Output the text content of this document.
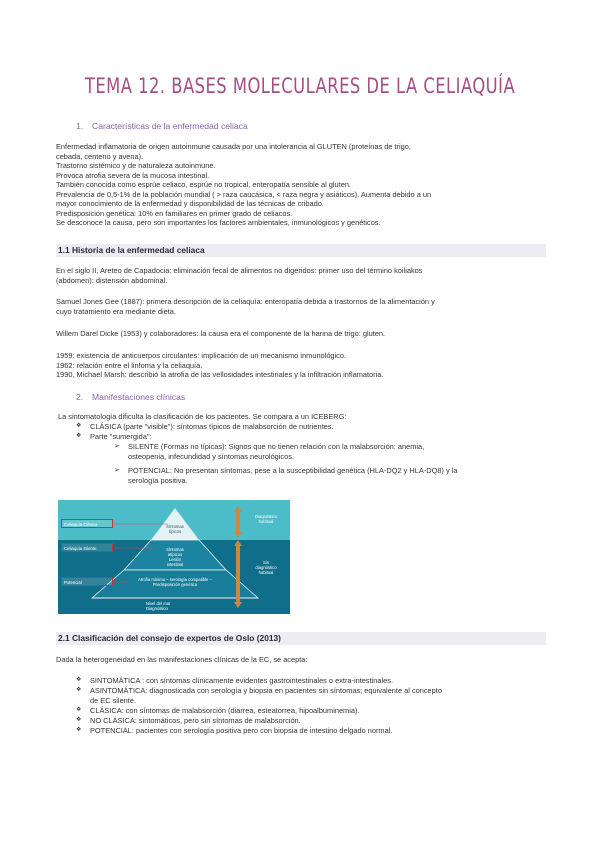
TEMA 12. BASES MOLECULARES DE LA CELIAQUÍA
1. Características de la enfermedad celiaca
Enfermedad inflamatoria de origen autoinmune causada por una intolerancia al GLUTEN (proteínas de trigo,
cebada, centeno y avena).
Trastorno sistémico y de naturaleza autoinmune.
Provoca atrofia severa de la mucosa intestinal.
También conocida como esprúe celiaco, esprúe no tropical, enteropatía sensible al gluten.
Prevalencia de 0,5-1% de la población mundial ( > raza caucásica, < raza negra y asiáticos). Aumenta debido a un
mayor conocimiento de la enfermedad y disponibilidad de las técnicas de cribado.
Predisposición genética: 10% en familiares en primer grado de celiacos.
Se desconoce la causa, pero son importantes los factores ambientales, inmunológicos y genéticos.
1.1 Historia de la enfermedad celiaca
En el siglo II, Areteo de Capadocia: eliminación fecal de alimentos no digeridos: primer uso del término koiliakos
(abdomen): distensión abdominal.
Samuel Jones Gee (1887): primera descripción de la celiaquía: enteropatía debida a trastornos de la alimentación y
cuyo tratamiento era mediante dieta.
Willem Darel Dicke (1953) y colaboradores: la causa era el componente de la harina de trigo: gluten.
1959: existencia de anticuerpos circulantes: implicación de un mecanismo inmunológico.
1962: relación entre el linfoma y la celiaquía.
1990, Michael Marsh: describió la atrofia de las vellosidades intestinales y la infiltración inflamatoria.
2. Manifestaciones clínicas
La sintomatología dificulta la clasificación de los pacientes. Se compara a un ICEBERG:
❖ CLÁSICA (parte "visible"): síntomas típicos de malabsorción de nutrientes.
❖ Parte "sumergida":
➢ SILENTE (Formas no típicas): Signos que no tienen relación con la malabsorción: anemia,
osteopenia, infecundidad y síntomas neurológicos.
➢ POTENCIAL: No presentan síntomas, pese a la susceptibilidad genética (HLA-DQ2 y HLA-DQ8) y la
serología positiva.
Celiaquía Clásica
Celiaquía Silente
Potencial
Síntomas
típicos
Síntomas
atípicos
Lesión
intestinal
Atrofia mínima – serología compatible –
Predisposición genética
Diagnóstico
habitual
Sin
diagnóstico
habitual
Nivel del mar
Diagnóstico
2.1 Clasificación del consejo de expertos de Oslo (2013)
Dada la heterogeneidad en las manifestaciones clínicas de la EC, se acepta:
❖ SINTOMÁTICA : con síntomas clínicamente evidentes gastrointestinales o extra-intestinales.
❖ ASINTOMÁTICA: diagnosticada con serología y biopsia en pacientes sin síntomas; equivalente al concepto
de EC silente.
❖ CLÁSICA: con síntomas de malabsorción (diarrea, esteatorrea, hipoalbuminemia).
❖ NO CLÁSICA: sintomáticos, pero sin síntomas de malabsorción.
❖ POTENCIAL: pacientes con serología positiva pero con biopsia de intestino delgado normal.
